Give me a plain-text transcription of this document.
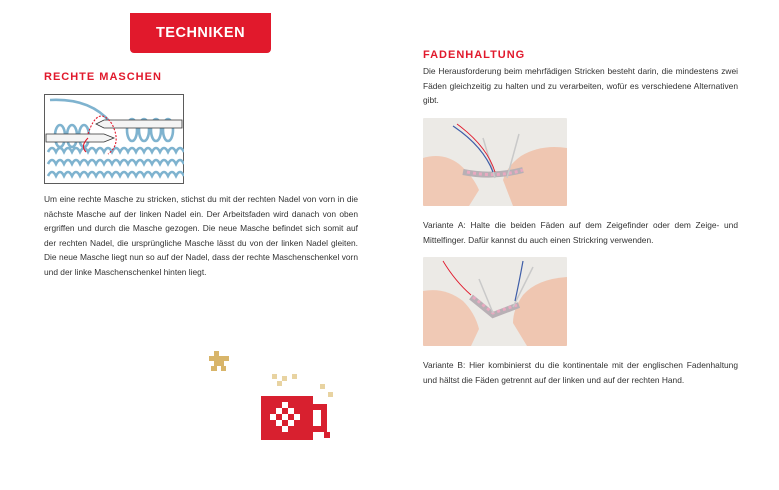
TECHNIKEN
RECHTE MASCHEN
Um eine rechte Masche zu stricken, stichst du mit der rechten Nadel von vorn in die nächste Masche auf der linken Nadel ein. Der Arbeitsfaden wird danach von oben ergriffen und durch die Masche gezogen. Die neue Masche befindet sich somit auf der rechten Nadel, die ursprüngliche Masche lässt du von der linken Nadel gleiten. Die neue Masche liegt nun so auf der Nadel, dass der rechte Maschenschenkel vorn und der linke Maschenschenkel hinten liegt.
FADENHALTUNG
Die Herausforderung beim mehrfädigen Stricken besteht darin, die mindestens zwei Fäden gleichzeitig zu halten und zu verarbeiten, wofür es verschiedene Alternativen gibt.
Variante A: Halte die beiden Fäden auf dem Zeigefinder oder dem Zeige- und Mittelfinger. Dafür kannst du auch einen Strickring verwenden.
Variante B: Hier kombinierst du die kontinentale mit der englischen Fadenhaltung und hältst die Fäden getrennt auf der linken und auf der rechten Hand.
